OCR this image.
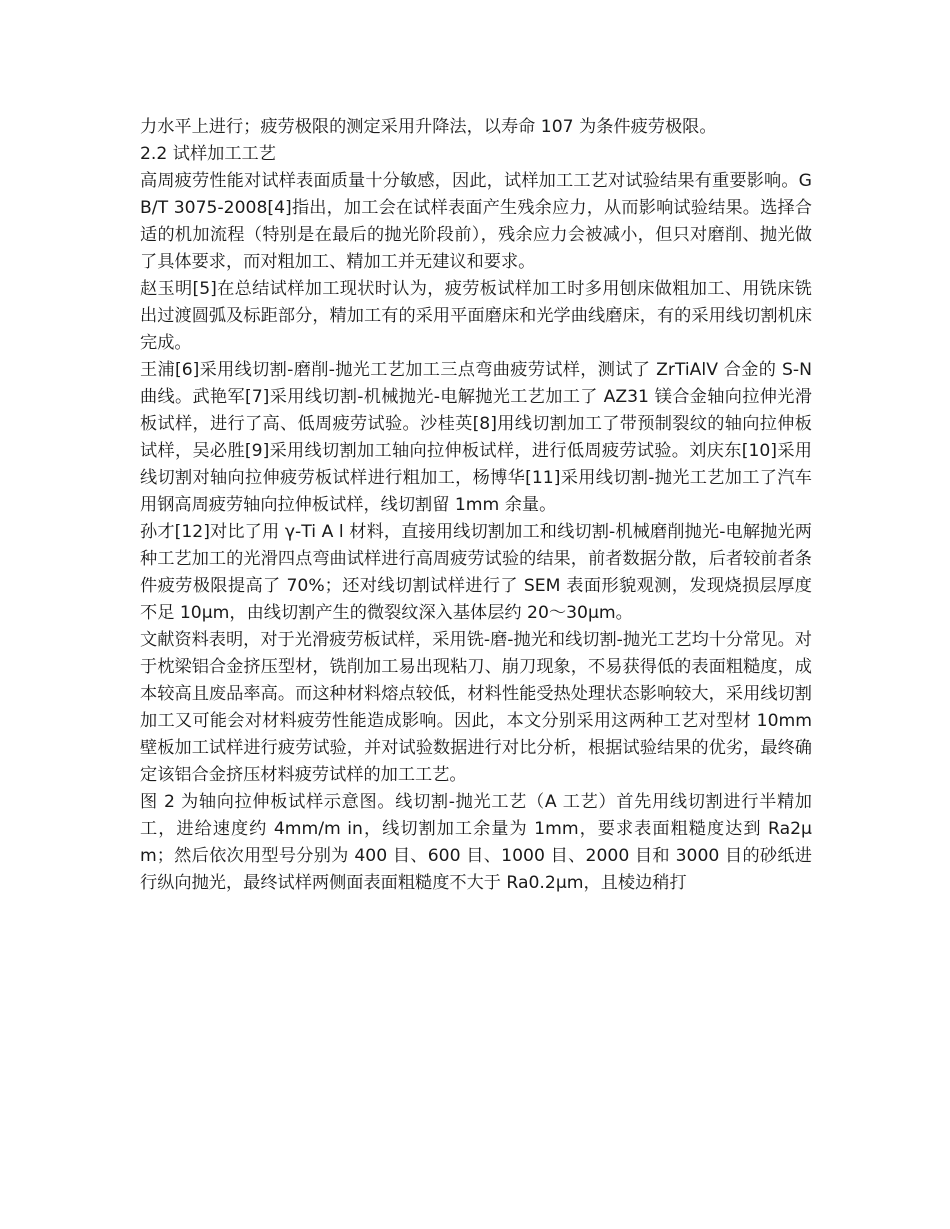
力水平上进行；疲劳极限的测定采用升降法，以寿命 107 为条件疲劳极限。

2.2 试样加工工艺

高周疲劳性能对试样表面质量十分敏感，因此，试样加工工艺对试验结果有重要影响。GB/T 3075-2008[4]指出，加工会在试样表面产生残余应力，从而影响试验结果。选择合适的机加流程（特别是在最后的抛光阶段前），残余应力会被减小，但只对磨削、抛光做了具体要求，而对粗加工、精加工并无建议和要求。

赵玉明[5]在总结试样加工现状时认为，疲劳板试样加工时多用刨床做粗加工、用铣床铣出过渡圆弧及标距部分，精加工有的采用平面磨床和光学曲线磨床，有的采用线切割机床完成。

王浦[6]采用线切割-磨削-抛光工艺加工三点弯曲疲劳试样，测试了 ZrTiAlV 合金的 S-N 曲线。武艳军[7]采用线切割-机械抛光-电解抛光工艺加工了 AZ31 镁合金轴向拉伸光滑板试样，进行了高、低周疲劳试验。沙桂英[8]用线切割加工了带预制裂纹的轴向拉伸板试样，吴必胜[9]采用线切割加工轴向拉伸板试样，进行低周疲劳试验。刘庆东[10]采用线切割对轴向拉伸疲劳板试样进行粗加工，杨博华[11]采用线切割-抛光工艺加工了汽车用钢高周疲劳轴向拉伸板试样，线切割留 1mm 余量。

孙才[12]对比了用 γ-Ti A l 材料，直接用线切割加工和线切割-机械磨削抛光-电解抛光两种工艺加工的光滑四点弯曲试样进行高周疲劳试验的结果，前者数据分散，后者较前者条件疲劳极限提高了 70%；还对线切割试样进行了 SEM 表面形貌观测，发现烧损层厚度不足 10μm，由线切割产生的微裂纹深入基体层约 20～30μm。

文献资料表明，对于光滑疲劳板试样，采用铣-磨-抛光和线切割-抛光工艺均十分常见。对于枕梁铝合金挤压型材，铣削加工易出现粘刀、崩刀现象，不易获得低的表面粗糙度，成本较高且废品率高。而这种材料熔点较低，材料性能受热处理状态影响较大，采用线切割加工又可能会对材料疲劳性能造成影响。因此，本文分别采用这两种工艺对型材 10mm 壁板加工试样进行疲劳试验，并对试验数据进行对比分析，根据试验结果的优劣，最终确定该铝合金挤压材料疲劳试样的加工工艺。

图 2 为轴向拉伸板试样示意图。线切割-抛光工艺（A 工艺）首先用线切割进行半精加工，进给速度约 4mm/m in，线切割加工余量为 1mm，要求表面粗糙度达到 Ra2μm；然后依次用型号分别为 400 目、600 目、1000 目、2000 目和 3000 目的砂纸进行纵向抛光，最终试样两侧面表面粗糙度不大于 Ra0.2μm，且棱边稍打
